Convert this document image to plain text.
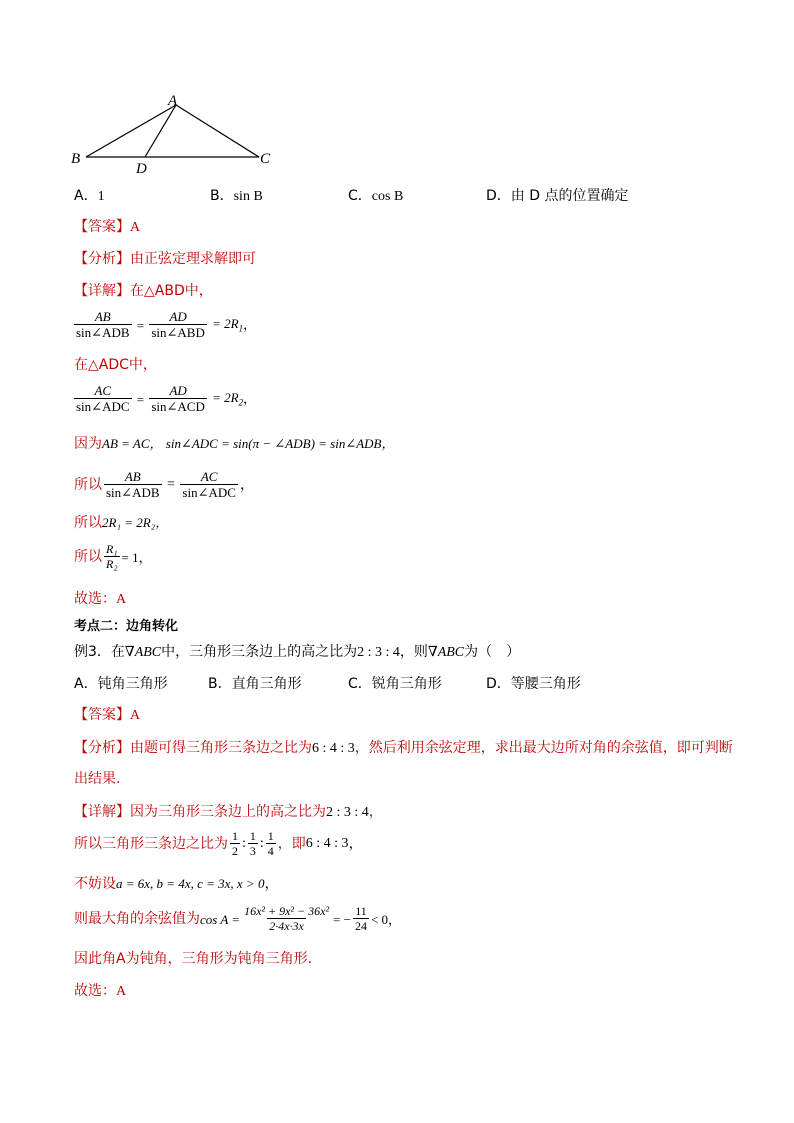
A
B	C
D
A．1	B．sin B	C．cos B	D．由 D 点的位置确定
【答案】A
【分析】由正弦定理求解即可
【详解】在△ABD中，
$\frac{AB}{\text{sin∠ADB}} = \frac{AD}{\text{sin∠ABD}} = 2R_1$ ，
在△ADC中，
$\frac{AC}{\text{sin∠ADC}} = \frac{AD}{\text{sin∠ACD}} = 2R_2$ ，
因为AB = AC， sin∠ADC = sin(π − ∠ADB) = sin∠ADB，
所以 $\frac{AB}{\text{sin∠ADB}} = \frac{AC}{\text{sin∠ADC}}$ ，
所以2R₁ = 2R₂，
所以 $\frac{\text{R₁}}{\text{R₂}} = 1$，
故选：A
考点二：边角转化
例3．在∇ABC中，三角形三条边上的高之比为2 : 3 : 4，则∇ABC为（　）
A．钝角三角形	B．直角三角形	C．锐角三角形	D．等腰三角形
【答案】A
【分析】由题可得三角形三条边之比为6 : 4 : 3，然后利用余弦定理，求出最大边所对角的余弦值，即可判断
出结果.
【详解】因为三角形三条边上的高之比为2 : 3 : 4，
所以三角形三条边之比为 $\frac{1}{2}$ : $\frac{1}{3}$ : $\frac{1}{4}$ ，即 6 : 4 : 3 ，
不妨设a = 6x, b = 4x, c = 3x, x > 0，
则最大角的余弦值为 $\cos A = \frac{\text{16x² + 9x² − 36x²}}{2\cdot 4x\cdot 3x}$ = − $\frac{11}{24} < 0$，
因此角A为钝角，三角形为钝角三角形.
故选：A
